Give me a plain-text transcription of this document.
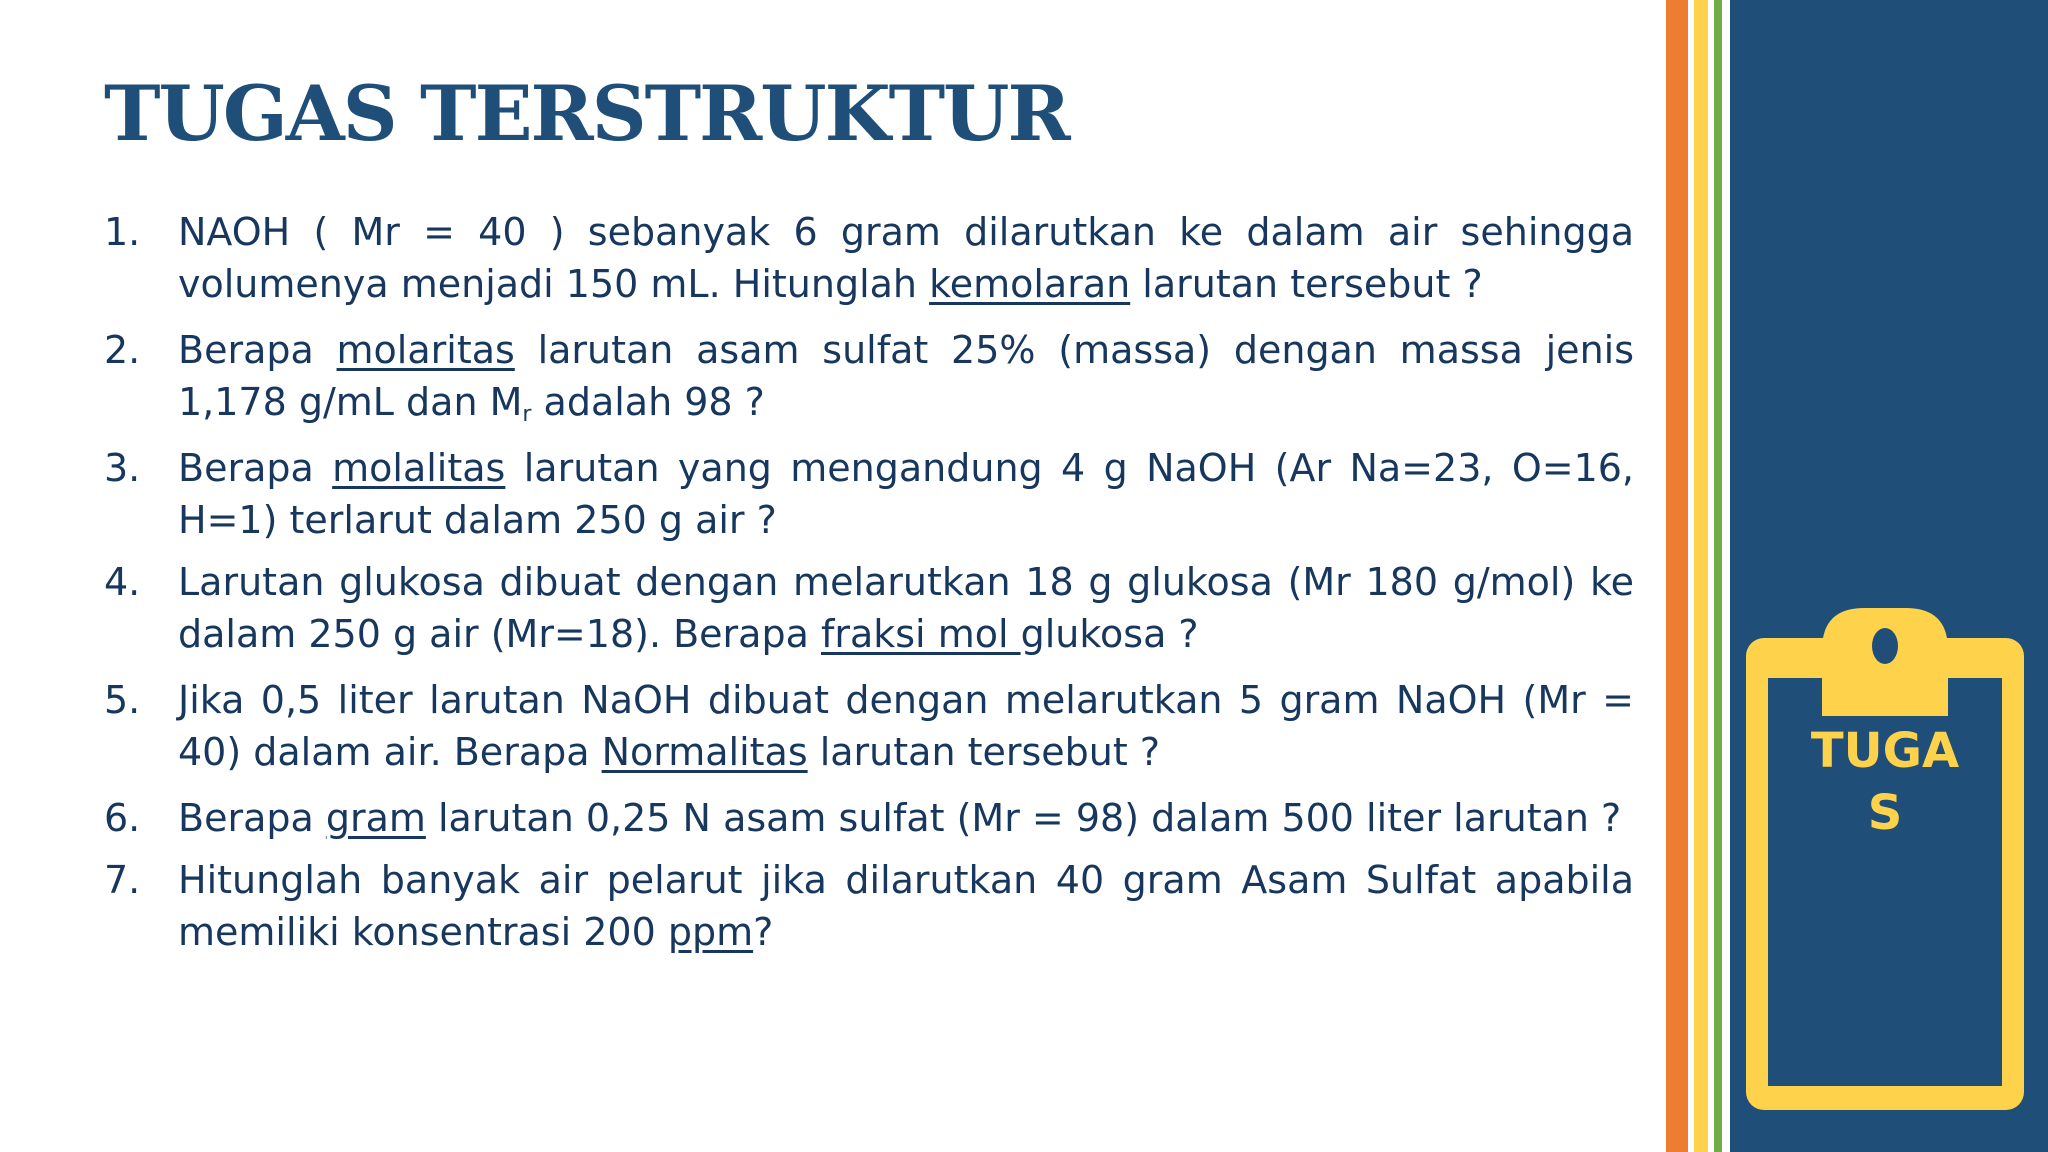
TUGAS TERSTRUKTUR
1. NAOH ( Mr = 40 ) sebanyak 6 gram dilarutkan ke dalam air sehingga volumenya menjadi 150 mL. Hitunglah kemolaran larutan tersebut ?
2. Berapa molaritas larutan asam sulfat 25% (massa) dengan massa jenis 1,178 g/mL dan $M_r$ adalah 98 ?
3. Berapa molalitas larutan yang mengandung 4 g NaOH (Ar Na=23, O=16, H=1) terlarut dalam 250 g air ?
4. Larutan glukosa dibuat dengan melarutkan 18 g glukosa (Mr 180 g/mol) ke dalam 250 g air (Mr=18). Berapa fraksi mol glukosa ?
5. Jika 0,5 liter larutan NaOH dibuat dengan melarutkan 5 gram NaOH (Mr = 40) dalam air. Berapa Normalitas larutan tersebut ?
6. Berapa gram larutan 0,25 N asam sulfat (Mr = 98) dalam 500 liter larutan ?
7. Hitunglah banyak air pelarut jika dilarutkan 40 gram Asam Sulfat apabila memiliki konsentrasi 200 ppm?
TUGAS
